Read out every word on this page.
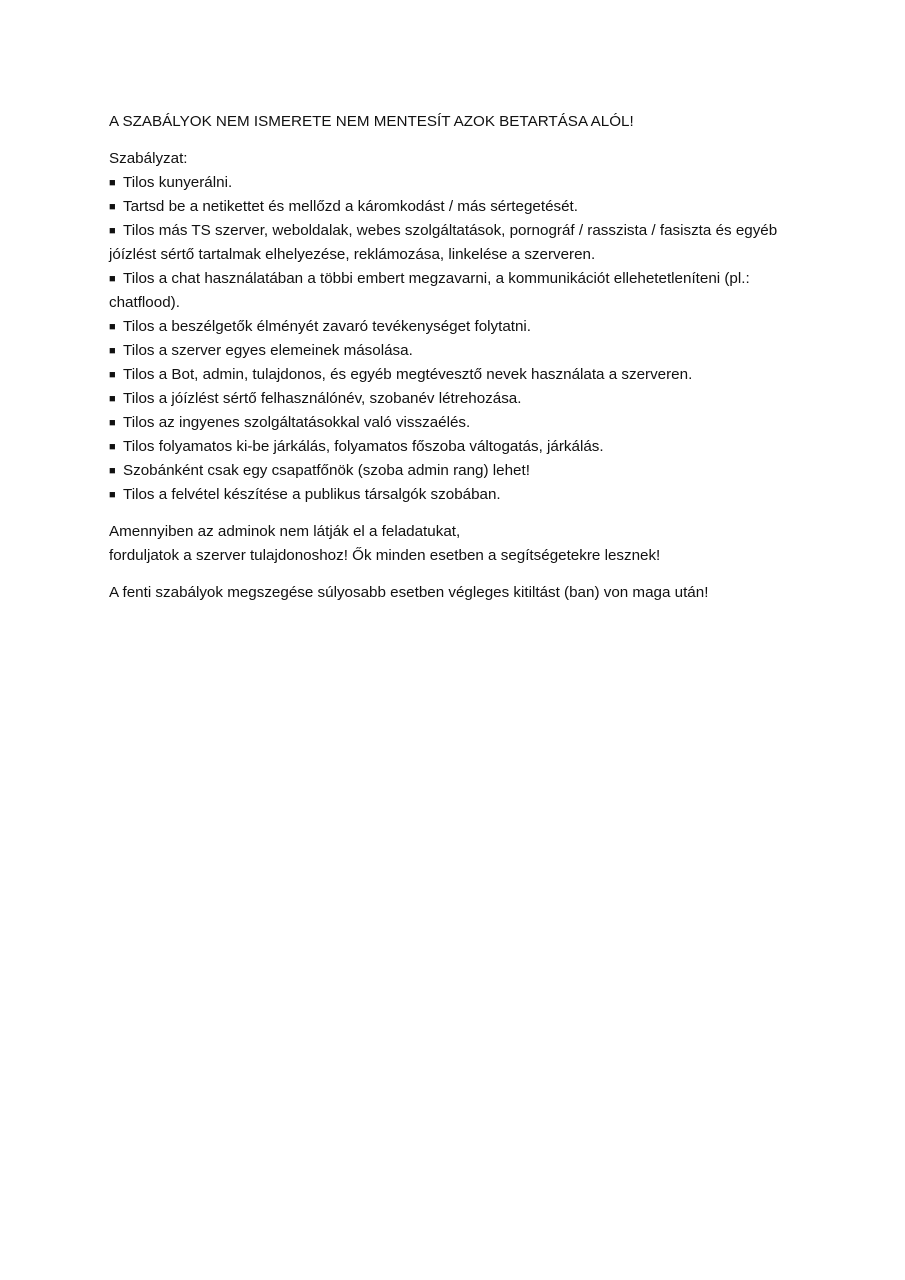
A SZABÁLYOK NEM ISMERETE NEM MENTESÍT AZOK BETARTÁSA ALÓL!

Szabályzat:

■ Tilos kunyerálni.
■ Tartsd be a netikettet és mellőzd a káromkodást / más sértegetését.
■ Tilos más TS szerver, weboldalak, webes szolgáltatások, pornográf / rasszista / fasiszta és egyéb jóízlést sértő tartalmak elhelyezése, reklámozása, linkelése a szerveren.
■ Tilos a chat használatában a többi embert megzavarni, a kommunikációt ellehetetleníteni (pl.: chatflood).
■ Tilos a beszélgetők élményét zavaró tevékenységet folytatni.
■ Tilos a szerver egyes elemeinek másolása.
■ Tilos a Bot, admin, tulajdonos, és egyéb megtévesztő nevek használata a szerveren.
■ Tilos a jóízlést sértő felhasználónév, szobanév létrehozása.
■ Tilos az ingyenes szolgáltatásokkal való visszaélés.
■ Tilos folyamatos ki-be járkálás, folyamatos főszoba váltogatás, járkálás.
■ Szobánként csak egy csapatfőnök (szoba admin rang) lehet!
■ Tilos a felvétel készítése a publikus társalgók szobában.

Amennyiben az adminok nem látják el a feladatukat,

forduljatok a szerver tulajdonoshoz! Ők minden esetben a segítségetekre lesznek!

A fenti szabályok megszegése súlyosabb esetben végleges kitiltást (ban) von maga után!
